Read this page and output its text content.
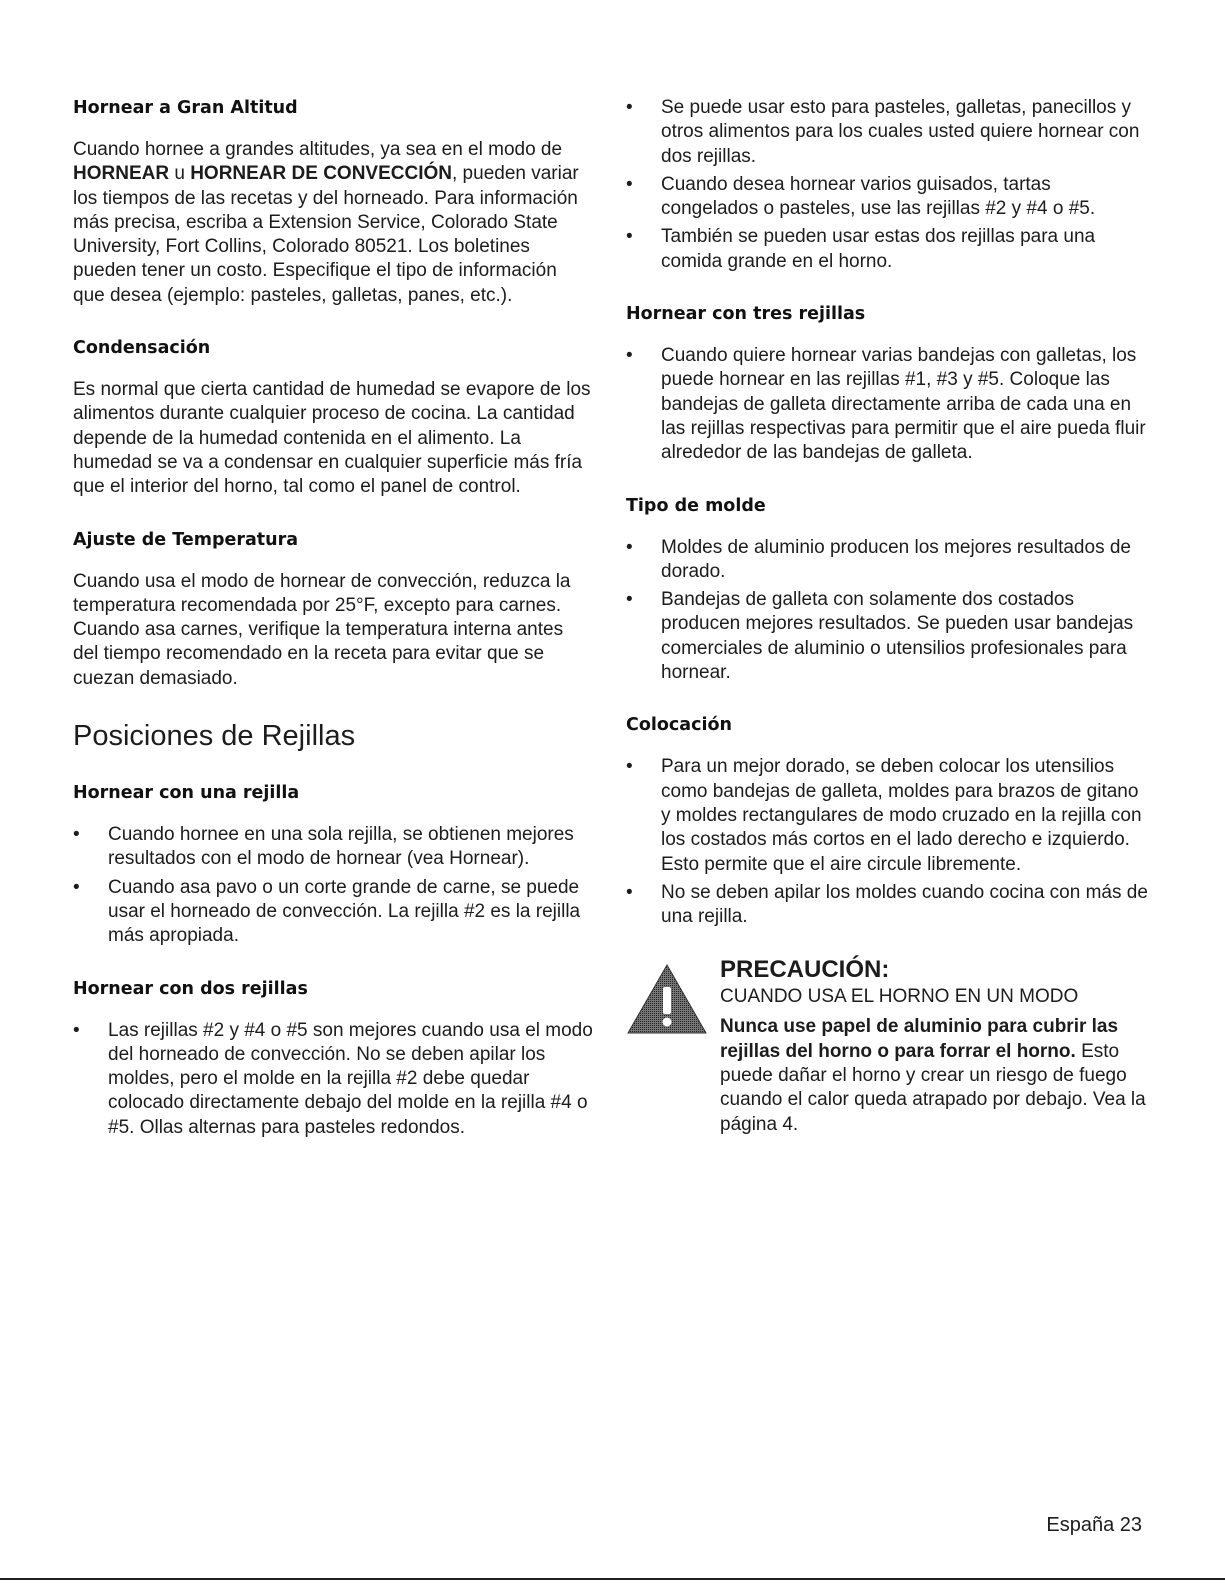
Hornear a Gran Altitud

Cuando hornee a grandes altitudes, ya sea en el modo de HORNEAR u HORNEAR DE CONVECCIÓN, pueden variar los tiempos de las recetas y del horneado. Para información más precisa, escriba a Extension Service, Colorado State University, Fort Collins, Colorado 80521. Los boletines pueden tener un costo. Especifique el tipo de información que desea (ejemplo: pasteles, galletas, panes, etc.).

Condensación

Es normal que cierta cantidad de humedad se evapore de los alimentos durante cualquier proceso de cocina. La cantidad depende de la humedad contenida en el alimento. La humedad se va a condensar en cualquier superficie más fría que el interior del horno, tal como el panel de control.

Ajuste de Temperatura

Cuando usa el modo de hornear de convección, reduzca la temperatura recomendada por 25°F, excepto para carnes. Cuando asa carnes, verifique la temperatura interna antes del tiempo recomendado en la receta para evitar que se cuezan demasiado.

Posiciones de Rejillas
Hornear con una rejilla
• Cuando hornee en una sola rejilla, se obtienen mejores resultados con el modo de hornear (vea Hornear).
• Cuando asa pavo o un corte grande de carne, se puede usar el horneado de convección. La rejilla #2 es la rejilla más apropiada.
Hornear con dos rejillas
• Las rejillas #2 y #4 o #5 son mejores cuando usa el modo del horneado de convección. No se deben apilar los moldes, pero el molde en la rejilla #2 debe quedar colocado directamente debajo del molde en la rejilla #4 o #5. Ollas alternas para pasteles redondos.
• Se puede usar esto para pasteles, galletas, panecillos y otros alimentos para los cuales usted quiere hornear con dos rejillas.
• Cuando desea hornear varios guisados, tartas congelados o pasteles, use las rejillas #2 y #4 o #5.
• También se pueden usar estas dos rejillas para una comida grande en el horno.
Hornear con tres rejillas
• Cuando quiere hornear varias bandejas con galletas, los puede hornear en las rejillas #1, #3 y #5. Coloque las bandejas de galleta directamente arriba de cada una en las rejillas respectivas para permitir que el aire pueda fluir alrededor de las bandejas de galleta.
Tipo de molde
• Moldes de aluminio producen los mejores resultados de dorado.
• Bandejas de galleta con solamente dos costados producen mejores resultados. Se pueden usar bandejas comerciales de aluminio o utensilios profesionales para hornear.
Colocación
• Para un mejor dorado, se deben colocar los utensilios como bandejas de galleta, moldes para brazos de gitano y moldes rectangulares de modo cruzado en la rejilla con los costados más cortos en el lado derecho e izquierdo. Esto permite que el aire circule libremente.
• No se deben apilar los moldes cuando cocina con más de una rejilla.
PRECAUCIÓN:
CUANDO USA EL HORNO EN UN MODO

Nunca use papel de aluminio para cubrir las rejillas del horno o para forrar el horno. Esto puede dañar el horno y crear un riesgo de fuego cuando el calor queda atrapado por debajo. Vea la página 4.

España 23
